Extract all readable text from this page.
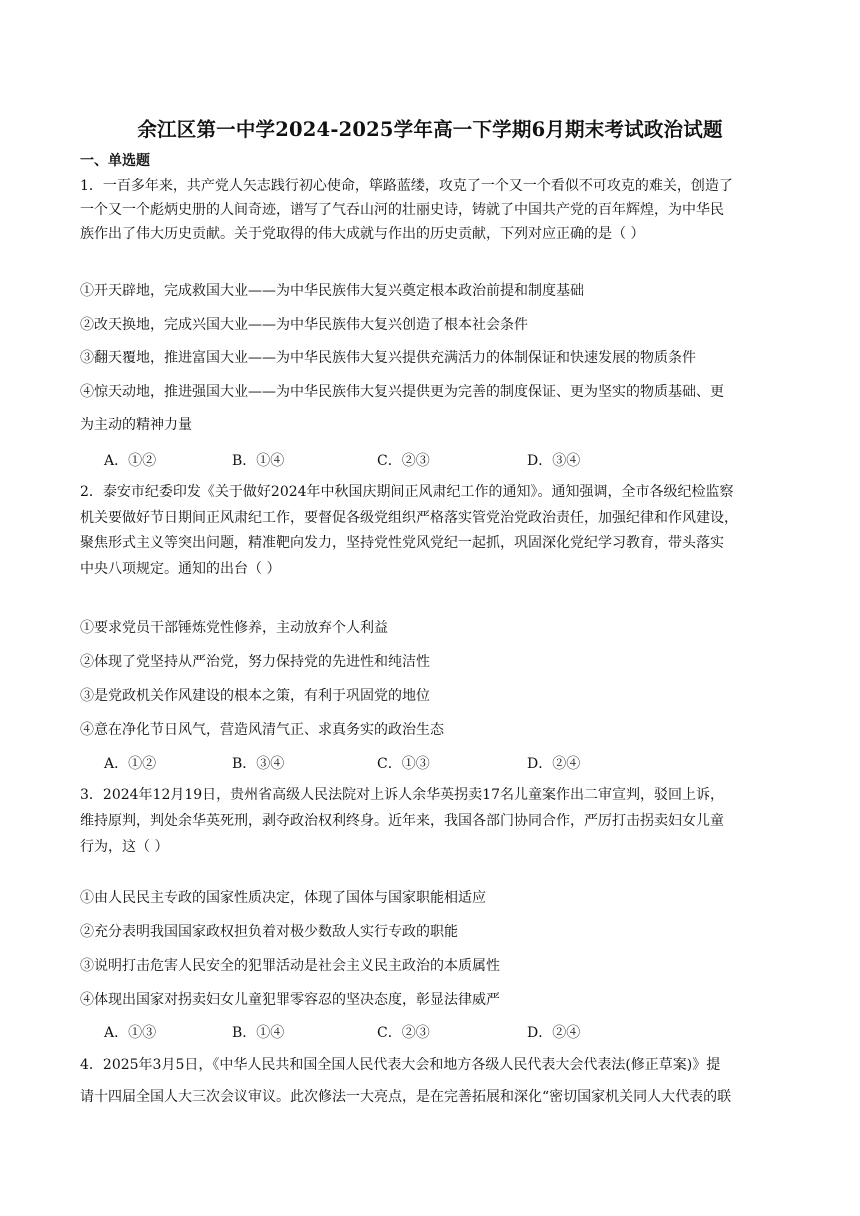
余江区第一中学2024-2025学年高一下学期6月期末考试政治试题
一、单选题
1．一百多年来，共产党人矢志践行初心使命，筚路蓝缕，攻克了一个又一个看似不可攻克的难关，创造了
一个又一个彪炳史册的人间奇迹，谱写了气吞山河的壮丽史诗，铸就了中国共产党的百年辉煌，为中华民
族作出了伟大历史贡献。关于党取得的伟大成就与作出的历史贡献，下列对应正确的是（ ）
①开天辟地，完成救国大业——为中华民族伟大复兴奠定根本政治前提和制度基础
②改天换地，完成兴国大业——为中华民族伟大复兴创造了根本社会条件
③翻天覆地，推进富国大业——为中华民族伟大复兴提供充满活力的体制保证和快速发展的物质条件
④惊天动地，推进强国大业——为中华民族伟大复兴提供更为完善的制度保证、更为坚实的物质基础、更
为主动的精神力量
A．①②	B．①④	C．②③	D．③④
2．泰安市纪委印发《关于做好2024年中秋国庆期间正风肃纪工作的通知》。通知强调，全市各级纪检监察
机关要做好节日期间正风肃纪工作，要督促各级党组织严格落实管党治党政治责任，加强纪律和作风建设，
聚焦形式主义等突出问题，精准靶向发力，坚持党性党风党纪一起抓，巩固深化党纪学习教育，带头落实
中央八项规定。通知的出台（ ）
①要求党员干部锤炼党性修养，主动放弃个人利益
②体现了党坚持从严治党，努力保持党的先进性和纯洁性
③是党政机关作风建设的根本之策，有利于巩固党的地位
④意在净化节日风气，营造风清气正、求真务实的政治生态
A．①②	B．③④	C．①③	D．②④
3．2024年12月19日，贵州省高级人民法院对上诉人余华英拐卖17名儿童案作出二审宣判，驳回上诉，
维持原判，判处余华英死刑，剥夺政治权利终身。近年来，我国各部门协同合作，严厉打击拐卖妇女儿童
行为，这（ ）
①由人民民主专政的国家性质决定，体现了国体与国家职能相适应
②充分表明我国国家政权担负着对极少数敌人实行专政的职能
③说明打击危害人民安全的犯罪活动是社会主义民主政治的本质属性
④体现出国家对拐卖妇女儿童犯罪零容忍的坚决态度，彰显法律威严
A．①③	B．①④	C．②③	D．②④
4．2025年3月5日，《中华人民共和国全国人民代表大会和地方各级人民代表大会代表法(修正草案)》提
请十四届全国人大三次会议审议。此次修法一大亮点，是在完善拓展和深化“密切国家机关同人大代表的联
